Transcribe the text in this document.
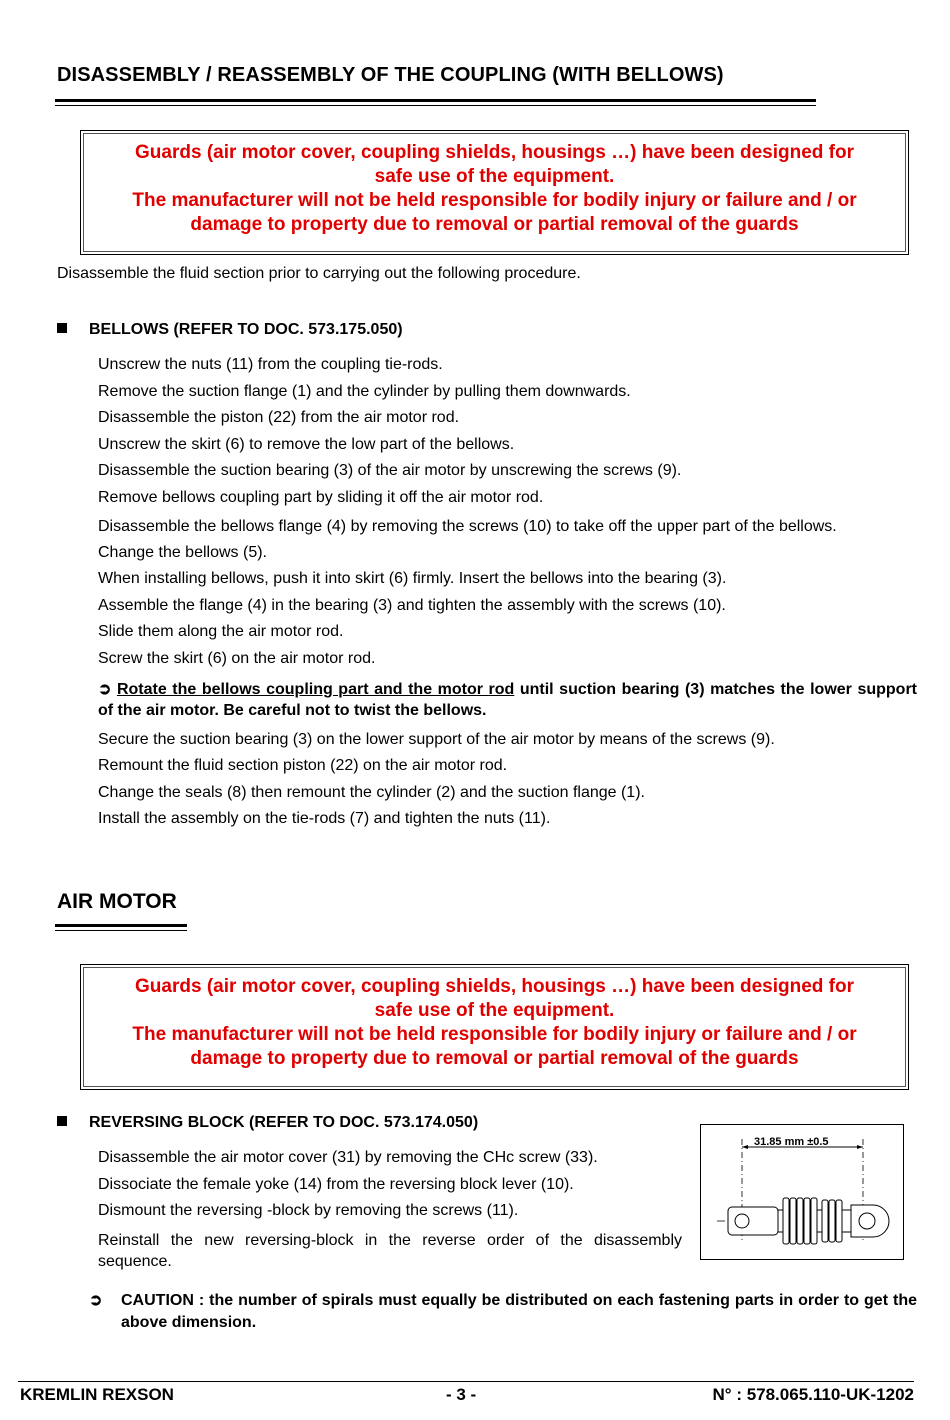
DISASSEMBLY / REASSEMBLY OF THE COUPLING (WITH BELLOWS)
Guards (air motor cover, coupling shields, housings …) have been designed for
safe use of the equipment.
The manufacturer will not be held responsible for bodily injury or failure and / or
damage to property due to removal or partial removal of the guards
Disassemble the fluid section prior to carrying out the following procedure.
BELLOWS (REFER TO DOC. 573.175.050)
Unscrew the nuts (11) from the coupling tie-rods.
Remove the suction flange (1) and the cylinder by pulling them downwards.
Disassemble the piston (22) from the air motor rod.
Unscrew the skirt (6) to remove the low part of the bellows.
Disassemble the suction bearing (3) of the air motor by unscrewing the screws (9).
Remove bellows coupling part by sliding it off the air motor rod.
Disassemble the bellows flange (4) by removing the screws (10) to take off the upper part of the bellows.
Change the bellows (5).
When installing bellows, push it into skirt (6) firmly. Insert the bellows into the bearing (3).
Assemble the flange (4) in the bearing (3) and tighten the assembly with the screws (10).
Slide them along the air motor rod.
Screw the skirt (6) on the air motor rod.
➲ Rotate the bellows coupling part and the motor rod until suction bearing (3) matches the lower support of the air motor. Be careful not to twist the bellows.
Secure the suction bearing (3) on the lower support of the air motor by means of the screws (9).
Remount the fluid section piston (22) on the air motor rod.
Change the seals (8) then remount the cylinder (2) and the suction flange (1).
Install the assembly on the tie-rods (7) and tighten the nuts (11).
AIR MOTOR
Guards (air motor cover, coupling shields, housings …) have been designed for
safe use of the equipment.
The manufacturer will not be held responsible for bodily injury or failure and / or
damage to property due to removal or partial removal of the guards
REVERSING BLOCK (REFER TO DOC. 573.174.050)
Disassemble the air motor cover (31) by removing the CHc screw (33).
Dissociate the female yoke (14) from the reversing block lever (10).
Dismount the reversing -block by removing the screws (11).
Reinstall the new reversing-block in the reverse order of the disassembly sequence.
31.85 mm ±0.5
➲ CAUTION : the number of spirals must equally be distributed on each fastening parts in order to get the above dimension.
KREMLIN REXSON	- 3 -	N° : 578.065.110-UK-1202
